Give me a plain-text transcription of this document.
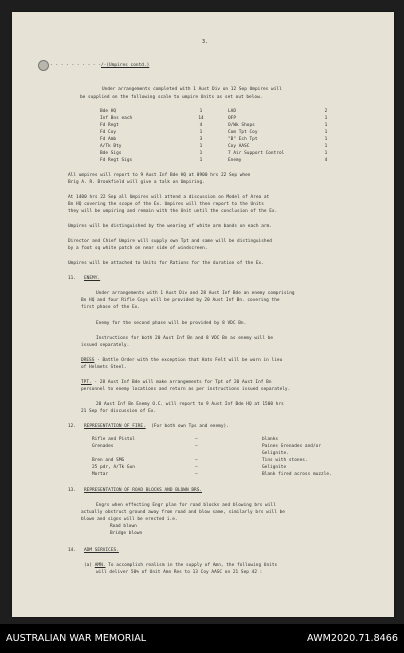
3.
- - - - - - - - - - -
/ (Umpires contd.)
Under arrangements completed with 1 Aust Div on 12 Sep Umpires will
be supplied on the following scale to umpire Units as set out below.
Bde HQ	1
Inf Bns each	14
Fd Regt	4
Fd Coy	1
Fd Amb	3
A/Tk Bty	1
Bde Sigs	1
Fd Regt Sigs	1
LAD	2
OFP	1
O/Wk Shops	1
Com Tpt Coy	1
"B" Ech Tpt	1
Coy AASC	1
7 Air Support Control	1
Enemy	4
All umpires will report to 9 Aust Inf Bde HQ at 0900 hrs 22 Sep when
Brig A. R. Brookfield will give a talk on Umpiring.
At 1400 hrs 22 Sep all Umpires will attend a discussion on Model of Area at
Bn HQ covering the scope of the Ex. Umpires will then report to the Units
they will be umpiring and remain with the Unit until the conclusion of the Ex.
Umpires will be distinguished by the wearing of white arm bands on each arm.
Director and Chief Umpire will supply own Tpt and same will be distinguished
by a foot sq white patch on near side of windscreen.
Umpires will be attached to Units for Rations for the duration of the Ex.
11. ENEMY.
Under arrangements with 1 Aust Div and 28 Aust Inf Bde an enemy comprising
Bn HQ and four Rifle Coys will be provided by 20 Aust Inf Bn. covering the
first phase of the Ex.
Enemy for the second phase will be provided by 8 VDC Bn.
Instructions for both 20 Aust Inf Bn and 8 VDC Bn as enemy will be
issued separately.
DRESS - Battle Order with the exception that Hats Felt will be worn in lieu
of Helmets Steel.
TPT. - 28 Aust Inf Bde will make arrangements for Tpt of 20 Aust Inf Bn
personnel to enemy locations and return as per instructions issued separately.
20 Aust Inf Bn Enemy O.C. will report to 9 Aust Inf Bde HQ at 1500 hrs
21 Sep for discussion of Ex.
12. REPRESENTATION OF FIRE. (For both own Tps and enemy).
Rifle and Pistol	–	blanks
Grenades	–	Paines Grenades and/or
Gelignite.
Bren and SMG	–	Tins with stones.
25 pdr, A/Tk Gun	–	Gelignite
Mortar	–	Blank fired across muzzle.
13. REPRESENTATION OF ROAD BLOCKS AND BLOWN BRS.
Engrs when effecting Engr plan for road blocks and blowing brs will
actually obstruct ground away from road and blow same, similarly brs will be
blown and signs will be erected i.e.
Road blown
Bridge blown
14. ADM SERVICES.
(a) AMN. To accomplish realism in the supply of Amn, the following Units
will deliver 50% of Unit Amn Res to 13 Coy AASC on 21 Sep 42 :
AUSTRALIAN WAR MEMORIAL	AWM2020.71.8466
